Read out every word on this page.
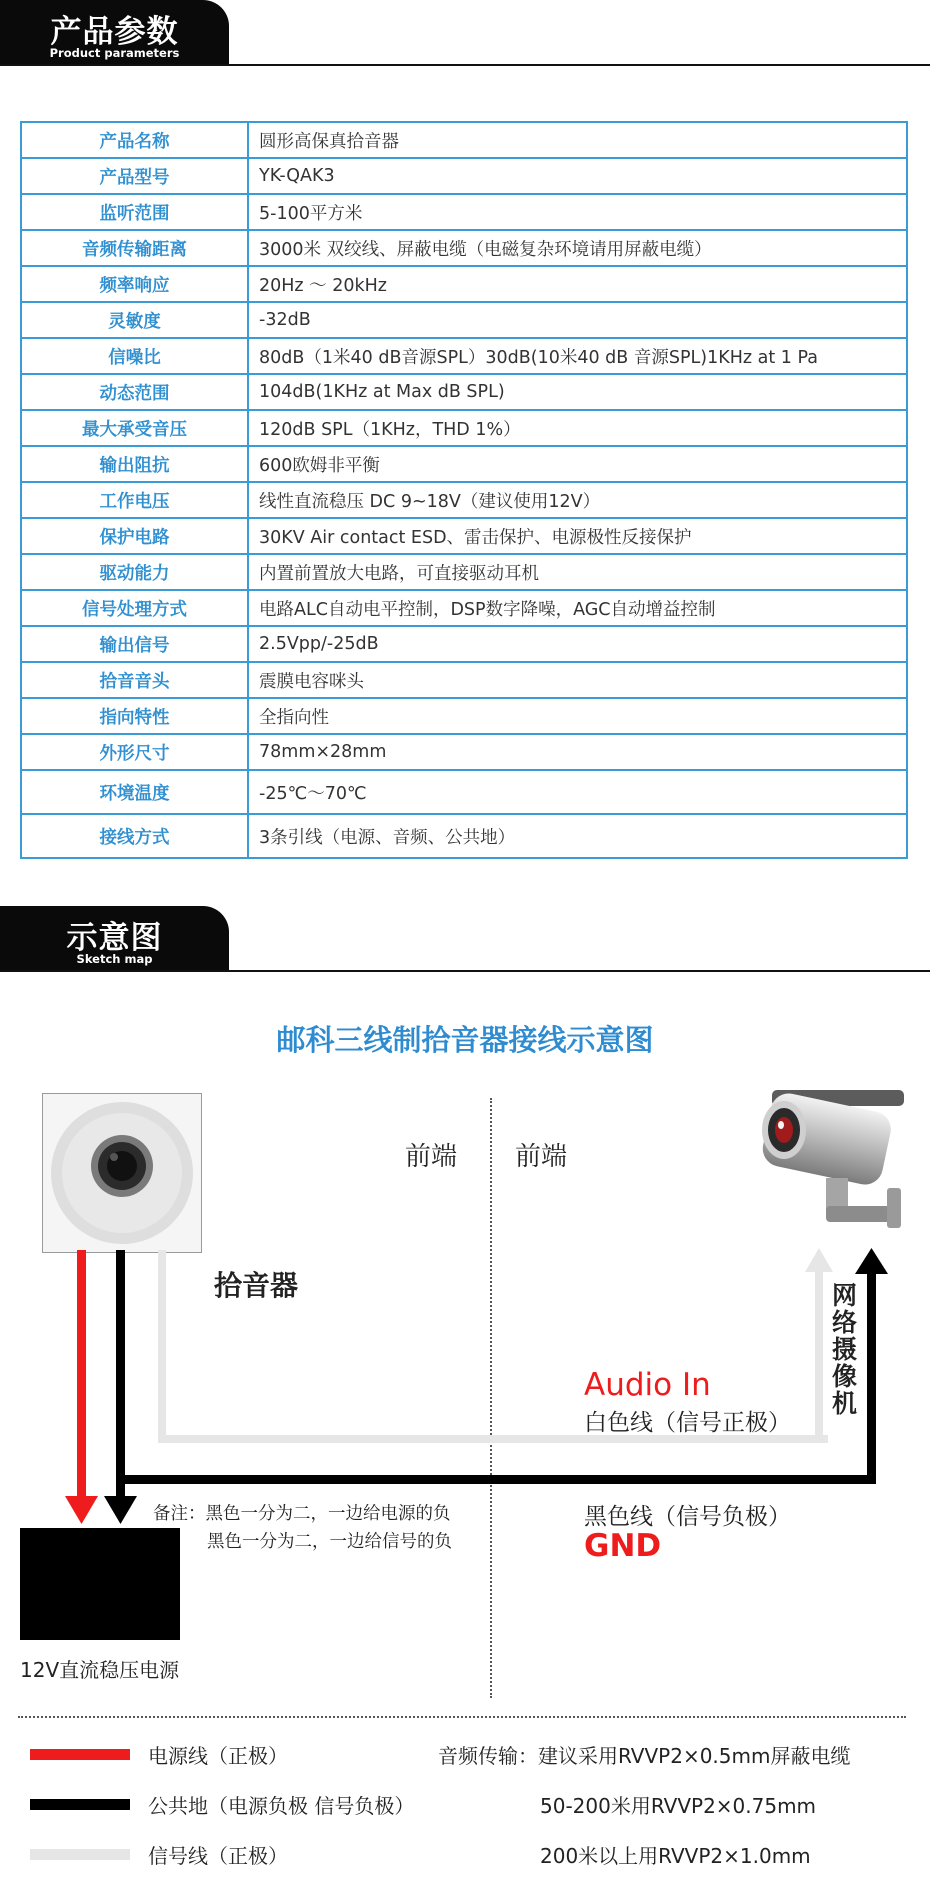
产品参数
Product parameters
产品名称	圆形高保真拾音器
产品型号	YK-QAK3
监听范围	5-100平方米
音频传输距离	3000米 双绞线、屏蔽电缆（电磁复杂环境请用屏蔽电缆）
频率响应	20Hz ～ 20kHz
灵敏度	-32dB
信噪比	80dB（1米40 dB音源SPL）30dB(10米40 dB 音源SPL)1KHz at 1 Pa
动态范围	104dB(1KHz at Max dB SPL)
最大承受音压	120dB SPL（1KHz，THD 1%）
输出阻抗	600欧姆非平衡
工作电压	线性直流稳压 DC 9~18V（建议使用12V）
保护电路	30KV Air contact ESD、雷击保护、电源极性反接保护
驱动能力	内置前置放大电路，可直接驱动耳机
信号处理方式	电路ALC自动电平控制，DSP数字降噪，AGC自动增益控制
输出信号	2.5Vpp/-25dB
拾音音头	震膜电容咪头
指向特性	全指向性
外形尺寸	78mm×28mm
环境温度	-25℃～70℃
接线方式	3条引线（电源、音频、公共地）
示意图
Sketch map
邮科三线制拾音器接线示意图
前端 前端
拾音器	网络摄像机
Audio In
白色线（信号正极）
黑色线（信号负极）
GND
备注：黑色一分为二，一边给电源的负
黑色一分为二，一边给信号的负
12V直流稳压电源
电源线（正极）	音频传输：建议采用RVVP2×0.5mm屏蔽电缆
公共地（电源负极 信号负极）	50-200米用RVVP2×0.75mm
信号线（正极）	200米以上用RVVP2×1.0mm
